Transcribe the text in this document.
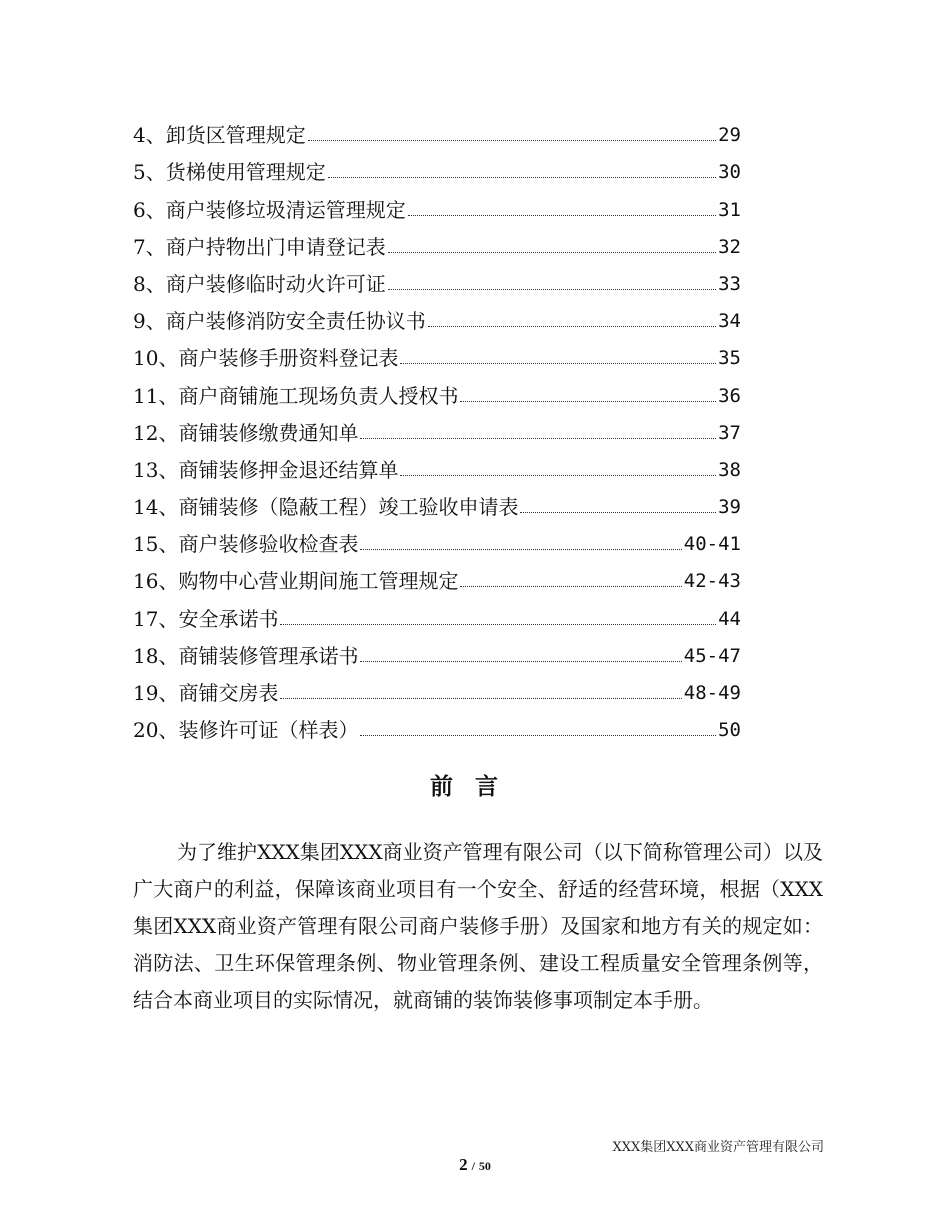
4、卸货区管理规定	29
5、货梯使用管理规定	30
6、商户装修垃圾清运管理规定	31
7、商户持物出门申请登记表	32
8、商户装修临时动火许可证	33
9、商户装修消防安全责任协议书	34
10、商户装修手册资料登记表	35
11、商户商铺施工现场负责人授权书	36
12、商铺装修缴费通知单	37
13、商铺装修押金退还结算单	38
14、商铺装修（隐蔽工程）竣工验收申请表	39
15、商户装修验收检查表	40-41
16、购物中心营业期间施工管理规定	42-43
17、安全承诺书	44
18、商铺装修管理承诺书	45-47
19、商铺交房表	48-49
20、装修许可证（样表）	50
前言

为了维护XXX集团XXX商业资产管理有限公司（以下简称管理公司）以及广大商户的利益，保障该商业项目有一个安全、舒适的经营环境，根据（XXX集团XXX商业资产管理有限公司商户装修手册）及国家和地方有关的规定如：消防法、卫生环保管理条例、物业管理条例、建设工程质量安全管理条例等，结合本商业项目的实际情况，就商铺的装饰装修事项制定本手册。

XXX集团XXX商业资产管理有限公司
2 / 50
